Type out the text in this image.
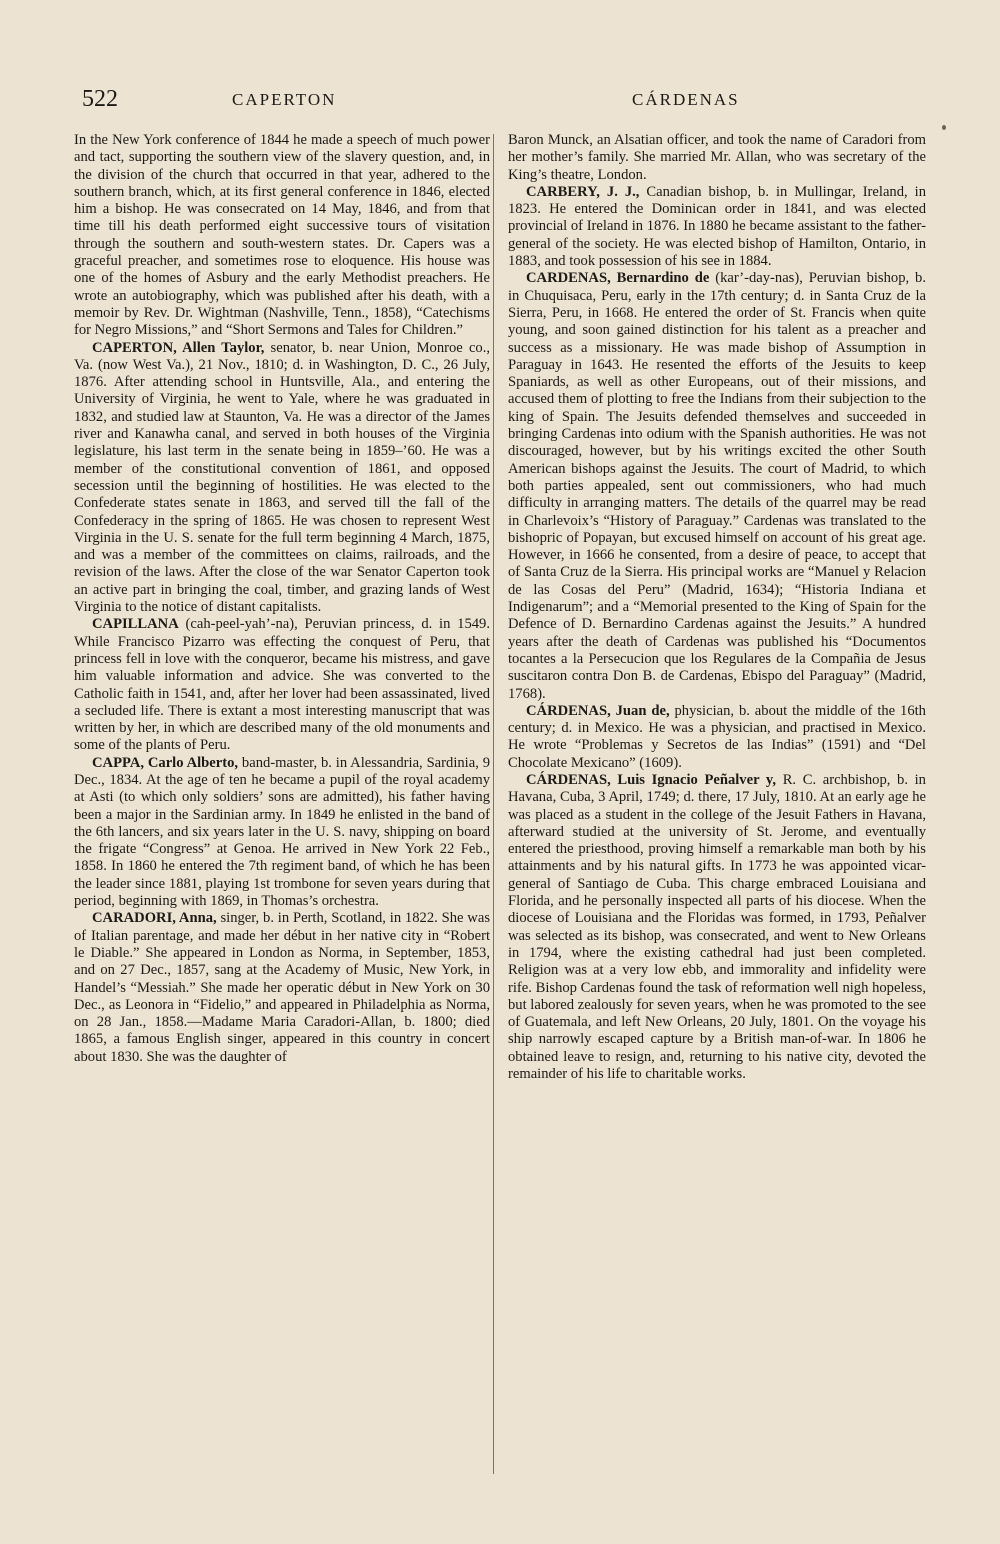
522	CAPERTON	CÁRDENAS

In the New York conference of 1844 he made a speech of much power and tact, supporting the southern view of the slavery question, and, in the division of the church that occurred in that year, adhered to the southern branch, which, at its first general conference in 1846, elected him a bishop. He was consecrated on 14 May, 1846, and from that time till his death performed eight successive tours of visitation through the southern and south-western states. Dr. Capers was a graceful preacher, and sometimes rose to eloquence. His house was one of the homes of Asbury and the early Methodist preachers. He wrote an autobiography, which was published after his death, with a memoir by Rev. Dr. Wightman (Nashville, Tenn., 1858), “Catechisms for Negro Missions,” and “Short Sermons and Tales for Children.”

CAPERTON, Allen Taylor, senator, b. near Union, Monroe co., Va. (now West Va.), 21 Nov., 1810; d. in Washington, D. C., 26 July, 1876. After attending school in Huntsville, Ala., and entering the University of Virginia, he went to Yale, where he was graduated in 1832, and studied law at Staunton, Va. He was a director of the James river and Kanawha canal, and served in both houses of the Virginia legislature, his last term in the senate being in 1859–’60. He was a member of the constitutional convention of 1861, and opposed secession until the beginning of hostilities. He was elected to the Confederate states senate in 1863, and served till the fall of the Confederacy in the spring of 1865. He was chosen to represent West Virginia in the U. S. senate for the full term beginning 4 March, 1875, and was a member of the committees on claims, railroads, and the revision of the laws. After the close of the war Senator Caperton took an active part in bringing the coal, timber, and grazing lands of West Virginia to the notice of distant capitalists.

CAPILLANA (cah-peel-yah’-na), Peruvian princess, d. in 1549. While Francisco Pizarro was effecting the conquest of Peru, that princess fell in love with the conqueror, became his mistress, and gave him valuable information and advice. She was converted to the Catholic faith in 1541, and, after her lover had been assassinated, lived a secluded life. There is extant a most interesting manuscript that was written by her, in which are described many of the old monuments and some of the plants of Peru.

CAPPA, Carlo Alberto, band-master, b. in Alessandria, Sardinia, 9 Dec., 1834. At the age of ten he became a pupil of the royal academy at Asti (to which only soldiers’ sons are admitted), his father having been a major in the Sardinian army. In 1849 he enlisted in the band of the 6th lancers, and six years later in the U. S. navy, shipping on board the frigate “Congress” at Genoa. He arrived in New York 22 Feb., 1858. In 1860 he entered the 7th regiment band, of which he has been the leader since 1881, playing 1st trombone for seven years during that period, beginning with 1869, in Thomas’s orchestra.

CARADORI, Anna, singer, b. in Perth, Scotland, in 1822. She was of Italian parentage, and made her début in her native city in “Robert le Diable.” She appeared in London as Norma, in September, 1853, and on 27 Dec., 1857, sang at the Academy of Music, New York, in Handel’s “Messiah.” She made her operatic début in New York on 30 Dec., as Leonora in “Fidelio,” and appeared in Philadelphia as Norma, on 28 Jan., 1858.—Madame Maria Caradori-Allan, b. 1800; died 1865, a famous English singer, appeared in this country in concert about 1830. She was the daughter of

Baron Munck, an Alsatian officer, and took the name of Caradori from her mother’s family. She married Mr. Allan, who was secretary of the King’s theatre, London.

CARBERY, J. J., Canadian bishop, b. in Mullingar, Ireland, in 1823. He entered the Dominican order in 1841, and was elected provincial of Ireland in 1876. In 1880 he became assistant to the father-general of the society. He was elected bishop of Hamilton, Ontario, in 1883, and took possession of his see in 1884.

CARDENAS, Bernardino de (kar’-day-nas), Peruvian bishop, b. in Chuquisaca, Peru, early in the 17th century; d. in Santa Cruz de la Sierra, Peru, in 1668. He entered the order of St. Francis when quite young, and soon gained distinction for his talent as a preacher and success as a missionary. He was made bishop of Assumption in Paraguay in 1643. He resented the efforts of the Jesuits to keep Spaniards, as well as other Europeans, out of their missions, and accused them of plotting to free the Indians from their subjection to the king of Spain. The Jesuits defended themselves and succeeded in bringing Cardenas into odium with the Spanish authorities. He was not discouraged, however, but by his writings excited the other South American bishops against the Jesuits. The court of Madrid, to which both parties appealed, sent out commissioners, who had much difficulty in arranging matters. The details of the quarrel may be read in Charlevoix’s “History of Paraguay.” Cardenas was translated to the bishopric of Popayan, but excused himself on account of his great age. However, in 1666 he consented, from a desire of peace, to accept that of Santa Cruz de la Sierra. His principal works are “Manuel y Relacion de las Cosas del Peru” (Madrid, 1634); “Historia Indiana et Indigenarum”; and a “Memorial presented to the King of Spain for the Defence of D. Bernardino Cardenas against the Jesuits.” A hundred years after the death of Cardenas was published his “Documentos tocantes a la Persecucion que los Regulares de la Compañia de Jesus suscitaron contra Don B. de Cardenas, Ebispo del Paraguay” (Madrid, 1768).

CÁRDENAS, Juan de, physician, b. about the middle of the 16th century; d. in Mexico. He was a physician, and practised in Mexico. He wrote “Problemas y Secretos de las Indias” (1591) and “Del Chocolate Mexicano” (1609).

CÁRDENAS, Luis Ignacio Peñalver y, R. C. archbishop, b. in Havana, Cuba, 3 April, 1749; d. there, 17 July, 1810. At an early age he was placed as a student in the college of the Jesuit Fathers in Havana, afterward studied at the university of St. Jerome, and eventually entered the priesthood, proving himself a remarkable man both by his attainments and by his natural gifts. In 1773 he was appointed vicar-general of Santiago de Cuba. This charge embraced Louisiana and Florida, and he personally inspected all parts of his diocese. When the diocese of Louisiana and the Floridas was formed, in 1793, Peñalver was selected as its bishop, was consecrated, and went to New Orleans in 1794, where the existing cathedral had just been completed. Religion was at a very low ebb, and immorality and infidelity were rife. Bishop Cardenas found the task of reformation well nigh hopeless, but labored zealously for seven years, when he was promoted to the see of Guatemala, and left New Orleans, 20 July, 1801. On the voyage his ship narrowly escaped capture by a British man-of-war. In 1806 he obtained leave to resign, and, returning to his native city, devoted the remainder of his life to charitable works.
